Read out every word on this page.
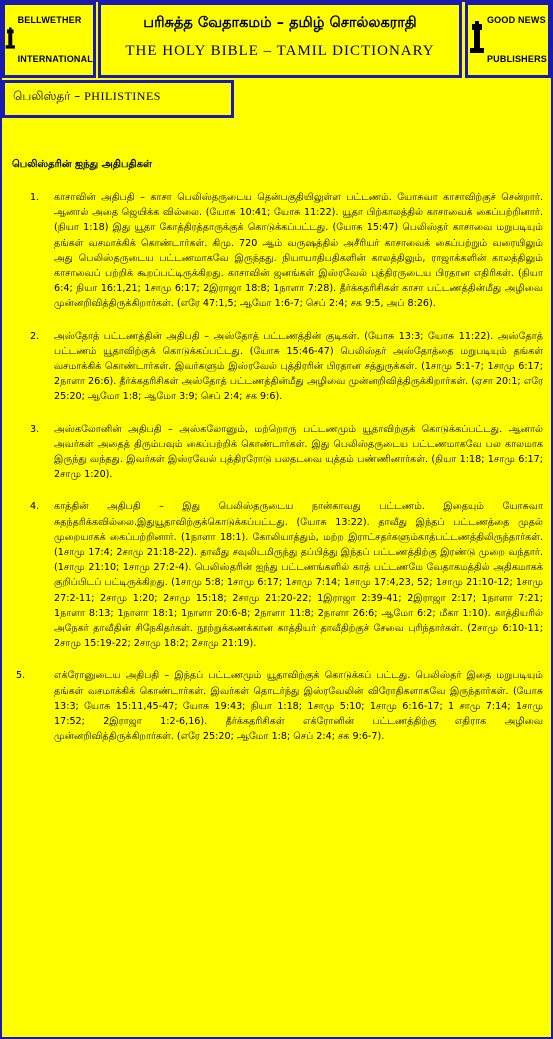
BELLWETHER

INTERNATIONAL

பரிசுத்த வேதாகமம் – தமிழ் சொல்லகராதி
THE HOLY BIBLE – TAMIL DICTIONARY

GOOD NEWS

PUBLISHERS

பெலிஸ்தர் – PHILISTINES
பெலிஸ்தரின் ஐந்து அதிபதிகள்
1. காசாவின் அதிபதி – காசா பெலிஸ்தருடைய தென்பகுதியிலுள்ள பட்டணம். யோசுவா காசாவிற்குச் சென்றார். ஆனால் அதை ஜெயிக்க வில்லை. (யோசு 10:41; யோசு 11:22). யூதா பிற்காலத்தில் காசாவைக் கைப்பற்றினார். (நியா 1:18) இது யூதா கோத்திரத்தாருக்குக் கொடுக்கப்பட்டது. (யோசு 15:47) பெலிஸ்தர் காசாவை மறுபடியும் தங்கள் வசமாக்கிக் கொண்டார்கள். கிமு. 720 ஆம் வருஷத்தில் அசீரியர் காசாவைக் கைப்பற்றும் வரையிலும் அது பெலிஸ்தருடைய பட்டணமாகவே இருந்தது. நியாயாதிபதிகளின் காலத்திலும், ராஜாக்களின் காலத்திலும் காசாவைப் பற்றிக் கூறப்பட்டிருக்கிறது. காசாவின் ஜனங்கள் இஸ்ரவேல் புத்திரருடைய பிரதான எதிரிகள். (நியா 6:4; நியா 16:1,21; 1சாமு 6:17; 2இராஜா 18:8; 1நாளா 7:28). தீர்க்கதரிசிகள் காசா பட்டணத்தின்மீது அழிவை முன்னறிவித்திருக்கிறார்கள். (எரே 47:1,5; ஆமோ 1:6-7; செப் 2:4; சக 9:5, அப் 8:26).
2. அஸ்தோத் பட்டணத்தின் அதிபதி – அஸ்தோத் பட்டணத்தின் குடிகள். (யோசு 13:3; யோசு 11:22). அஸ்தோத் பட்டணம் யூதாவிற்குக் கொடுக்கப்பட்டது. (யோசு 15:46-47) பெலிஸ்தர் அஸ்தோத்தை மறுபடியும் தங்கள் வசமாக்கிக் கொண்டார்கள். இவர்களும் இஸ்ரவேல் புத்திரரின் பிரதான சத்துருக்கள். (1சாமு 5:1-7; 1சாமு 6:17; 2நாளா 26:6). தீர்க்கதரிசிகள் அஸ்தோத் பட்டணத்தின்மீது அழிவை முன்னறிவித்திருக்கிறார்கள். (ஏசா 20:1; எரே 25:20; ஆமோ 1:8; ஆமோ 3:9; செப் 2:4; சக 9:6).
3. அஸ்கலோனின் அதிபதி – அஸ்கலோனும், மற்றொரு பட்டணமும் யூதாவிற்குக் கொடுக்கப்பட்டது. ஆனால் அவர்கள் அதைத் திரும்பவும் கைப்பற்றிக் கொண்டார்கள். இது பெலிஸ்தருடைய பட்டணமாகவே பல காலமாக இருந்து வந்தது. இவர்கள் இஸ்ரவேல் புத்திரரோடு பலதடவை யுத்தம் பண்ணினார்கள். (நியா 1:18; 1சாமு 6:17; 2சாமு 1:20).
4. காத்தின் அதிபதி – இது பெலிஸ்தருடைய நான்காவது பட்டணம். இதையும் யோசுவா சுதந்தரிக்கவில்லை.இதுயூதாவிற்குக்கொடுக்கப்பட்டது. (யோசு 13:22). தாவீது இந்தப் பட்டணத்தை முதல் முறையாகக் கைப்பற்றினார். (1நாளா 18:1). கோலியாத்தும், மற்ற இராட்சதர்களும்காத்பட்டணத்திலிருந்தார்கள். (1சாமு 17:4; 2சாமு 21:18-22). தாவீது சவுலிடமிருந்து தப்பித்து இந்தப் பட்டணத்திற்கு இரண்டு முறை வந்தார். (1சாமு 21:10; 1சாமு 27:2-4). பெலிஸ்தரின் ஐந்து பட்டணங்களில் காத் பட்டணமே வேதாகமத்தில் அதிகமாகக் குறிப்பிடப் பட்டிருக்கிறது. (1சாமு 5:8; 1சாமு 6:17; 1சாமு 7:14; 1சாமு 17:4,23, 52; 1சாமு 21:10-12; 1சாமு 27:2-11; 2சாமு 1:20; 2சாமு 15:18; 2சாமு 21:20-22; 1இராஜா 2:39-41; 2இராஜா 2:17; 1நாளா 7:21; 1நாளா 8:13; 1நாளா 18:1; 1நாளா 20:6-8; 2நாளா 11:8; 2நாளா 26:6; ஆமோ 6:2; மீகா 1:10). காத்தியரில் அநேகர் தாவீதின் சிநேகிதர்கள். நூற்றுக்கணக்கான காத்தியர் தாவீதிற்குச் சேவை புரிந்தார்கள். (2சாமு 6:10-11; 2சாமு 15:19-22; 2சாமு 18:2; 2சாமு 21:19).
5.	எக்ரோனுடைய அதிபதி – இந்தப் பட்டணமும் யூதாவிற்குக் கொடுக்கப் பட்டது. பெலிஸ்தர் இதை மறுபடியும் தங்கள் வசமாக்கிக் கொண்டார்கள். இவர்கள் தொடர்ந்து இஸ்ரவேலின் விரோதிகளாகவே இருந்தார்கள். (யோசு 13:3; யோசு 15:11,45-47; யோசு 19:43; நியா 1:18; 1சாமு 5:10; 1சாமு 6:16-17; 1 சாமு 7:14; 1சாமு 17:52; 2இராஜா 1:2-6,16). தீர்க்கதரிசிகள் எக்ரோனின் பட்டணத்திற்கு எதிராக அழிவை முன்னறிவித்திருக்கிறார்கள். (எரே 25:20; ஆமோ 1:8; செப் 2:4; சக 9:6-7).
